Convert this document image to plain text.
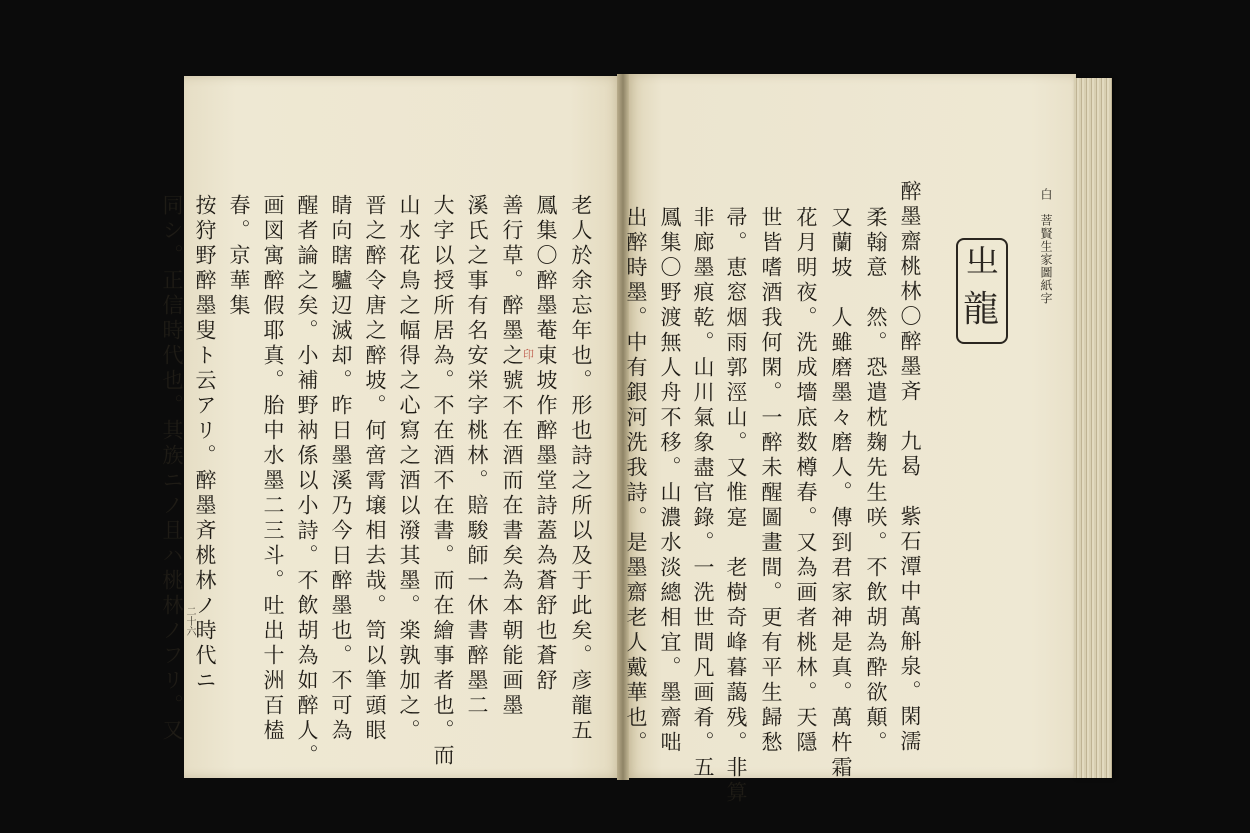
白　菩賢生家圖紙字
㞢
龍
醉墨齋桃林〇醉墨斉　九曷　紫石潭中萬斛泉。閑濡
柔翰意　然。恐遣枕麹先生咲。不飲胡為酔欲顛。
又蘭坡　人雖磨墨々磨人。傳到君家神是真。萬杵霜
花月明夜。洗成墻底数樽春。又為画者桃林。天隱
世皆嗜酒我何閑。一醉未醒圖畫間。更有平生歸愁
帚。恵窓烟雨郭涇山。又惟寔　老樹奇峰暮藹残。非算
非廊墨痕乾。山川氣象盡官錄。一洗世間凡画肴。五
鳳集〇野渡無人舟不移。山濃水淡總相宜。墨齋咄
出醉時墨。中有銀河洗我詩。是墨齋老人戴華也。
老人於余忘年也。形也詩之所以及于此矣。彦龍五
鳳集〇醉墨菴東坡作醉墨堂詩蓋為蒼舒也蒼舒
善行草。醉墨之號不在酒而在書矣為本朝能画墨
溪氏之事有名安栄字桃林。賠駿師一休書醉墨二
大字以授所居為。不在酒不在書。而在繪事者也。而
山水花鳥之幅得之心寫之酒以潑其墨。楽孰加之。
晋之醉令唐之醉坡。何啻霄壌相去哉。笥以筆頭眼
睛向瞎驢辺滅却。昨日墨溪乃今日醉墨也。不可為
醒者論之矣。小補野衲係以小詩。不飲胡為如醉人。
画図寓醉假耶真。胎中水墨二三斗。吐出十洲百榼
春。京華集
按狩野醉墨叟ト云アリ。醉墨斉桃林ノ時代ニ
同シ。正信時代也。其族ニノ且ハ桃林ノフリ。又	印
二十六
